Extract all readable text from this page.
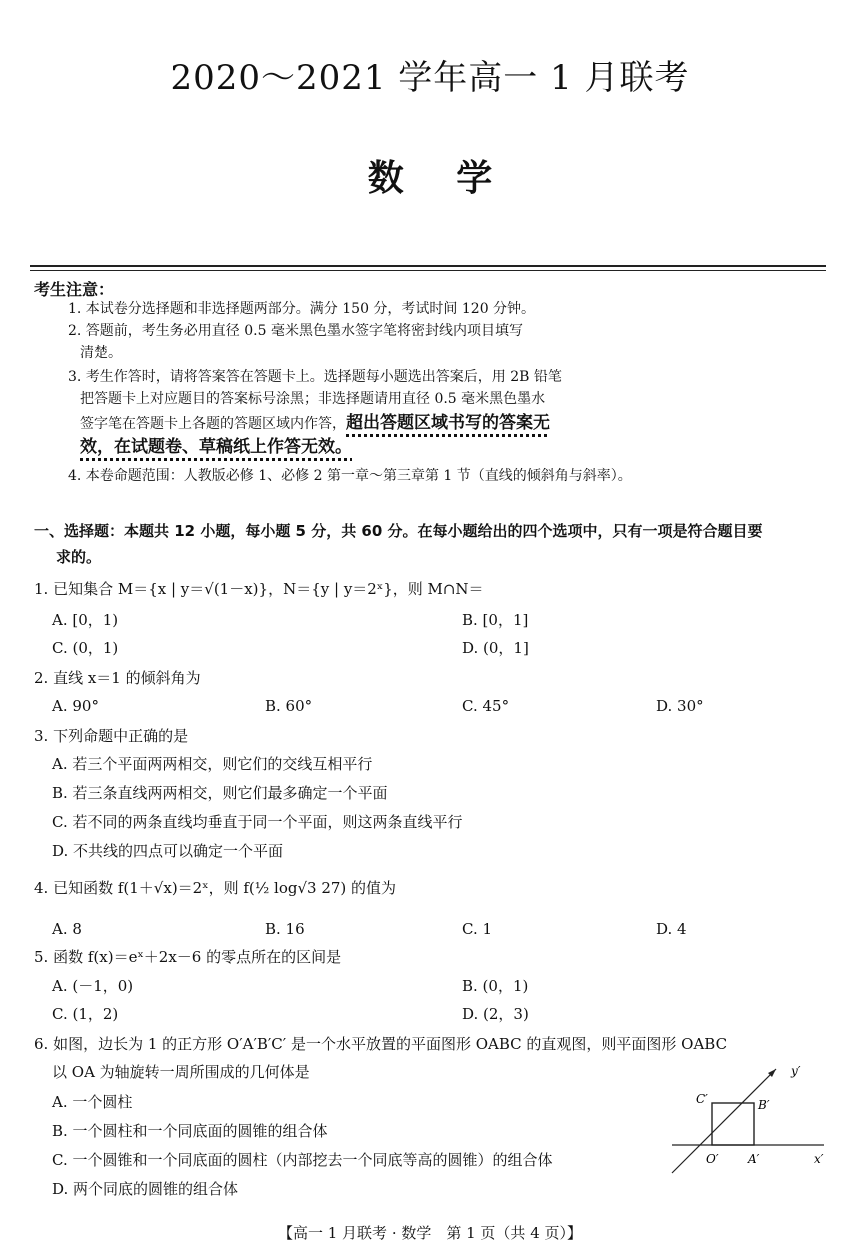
2020～2021 学年高一 1 月联考
数 学
考生注意：
1. 本试卷分选择题和非选择题两部分。满分 150 分，考试时间 120 分钟。
2. 答题前，考生务必用直径 0.5 毫米黑色墨水签字笔将密封线内项目填写
清楚。
3. 考生作答时，请将答案答在答题卡上。选择题每小题选出答案后，用 2B 铅笔
把答题卡上对应题目的答案标号涂黑；非选择题请用直径 0.5 毫米黑色墨水
签字笔在答题卡上各题的答题区域内作答，超出答题区域书写的答案无
效，在试题卷、草稿纸上作答无效。
4. 本卷命题范围：人教版必修 1、必修 2 第一章～第三章第 1 节（直线的倾斜角与斜率）。
一、选择题：本题共 12 小题，每小题 5 分，共 60 分。在每小题给出的四个选项中，只有一项是符合题目要
求的。
1. 已知集合 M＝{x | y＝√(1－x)}，N＝{y | y＝2ˣ}，则 M∩N＝
A. [0，1)	B. [0，1]
C. (0，1)	D. (0，1]
2. 直线 x＝1 的倾斜角为
A. 90°	B. 60°	C. 45°	D. 30°
3. 下列命题中正确的是
A. 若三个平面两两相交，则它们的交线互相平行
B. 若三条直线两两相交，则它们最多确定一个平面
C. 若不同的两条直线均垂直于同一个平面，则这两条直线平行
D. 不共线的四点可以确定一个平面
4. 已知函数 f(1＋√x)＝2ˣ，则 f(½ log√3 27) 的值为
A. 8	B. 16	C. 1	D. 4
5. 函数 f(x)＝eˣ＋2x－6 的零点所在的区间是
A. (－1，0)	B. (0，1)
C. (1，2)	D. (2，3)
6. 如图，边长为 1 的正方形 O′A′B′C′ 是一个水平放置的平面图形 OABC 的直观图，则平面图形 OABC
以 OA 为轴旋转一周所围成的几何体是
A. 一个圆柱
B. 一个圆柱和一个同底面的圆锥的组合体
C. 一个圆锥和一个同底面的圆柱（内部挖去一个同底等高的圆锥）的组合体
D. 两个同底的圆锥的组合体
y′
x′
O′ A′
B′
C′
【高一 1 月联考 · 数学　第 1 页（共 4 页）】
